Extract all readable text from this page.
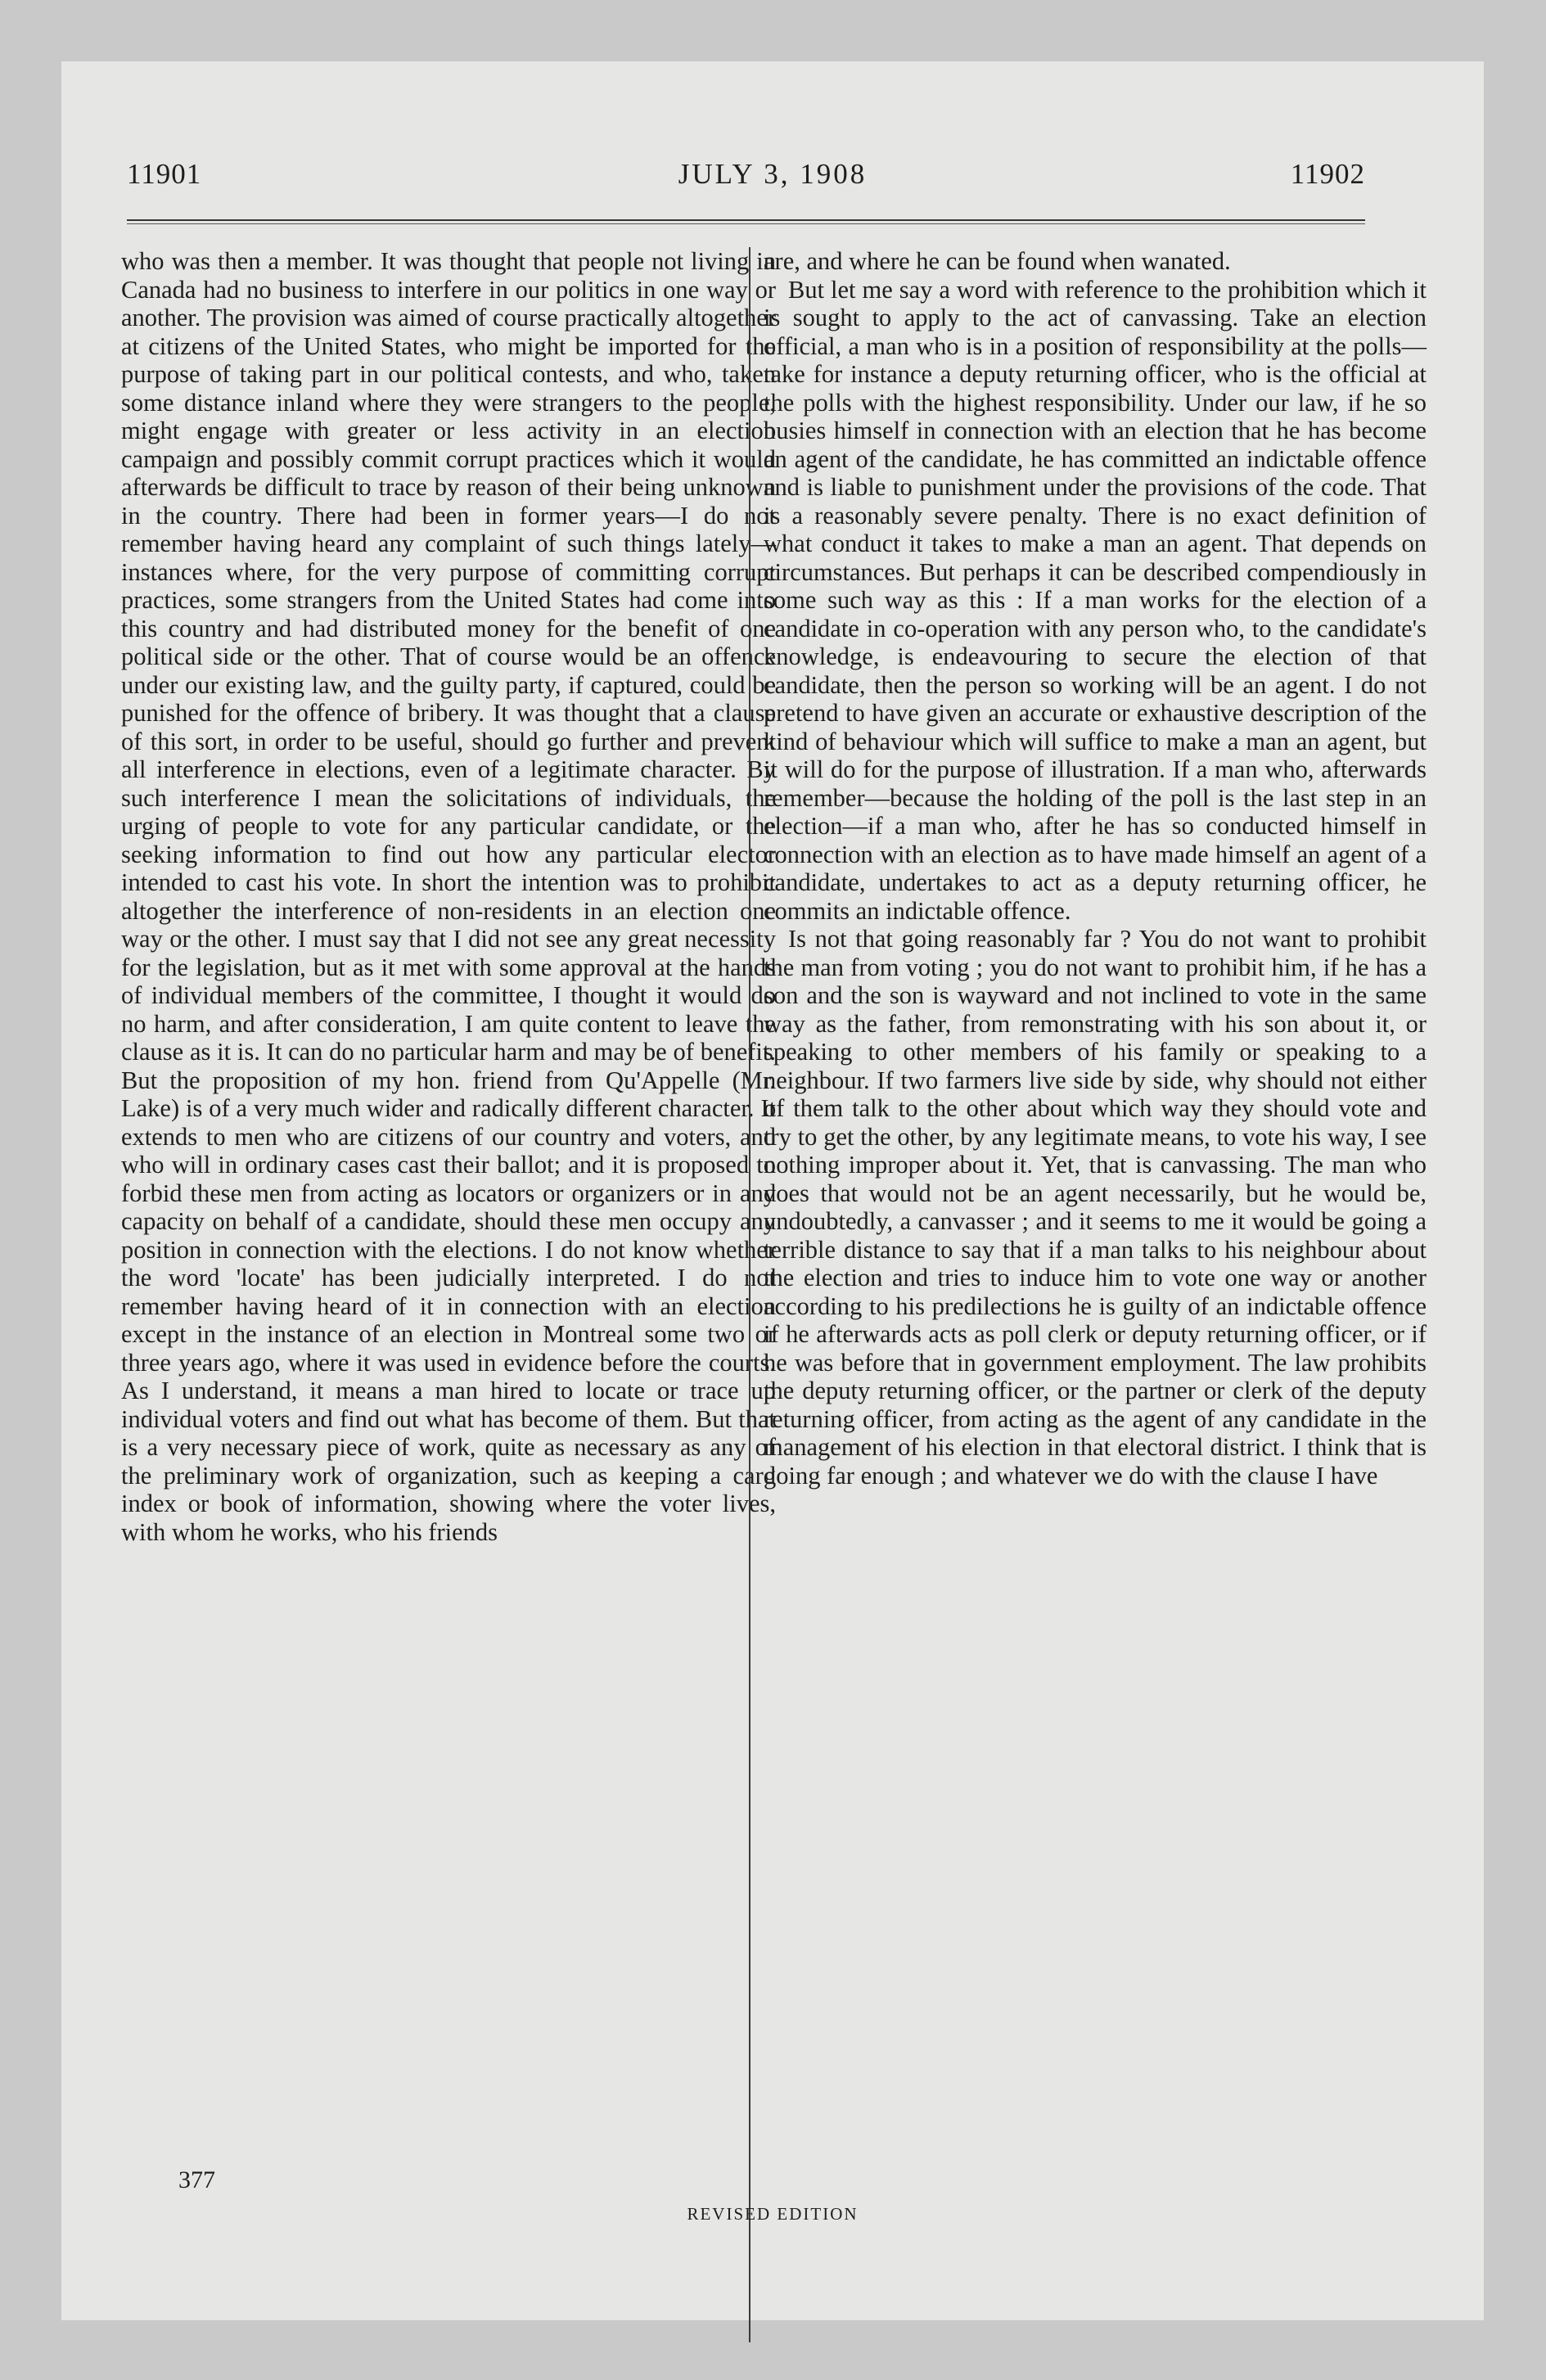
11901	JULY 3, 1908	11902

who was then a member. It was thought that people not living in Canada had no business to interfere in our politics in one way or another. The provision was aimed of course practically altogether at citizens of the United States, who might be imported for the purpose of taking part in our political contests, and who, taken some distance inland where they were strangers to the people, might engage with greater or less activity in an election campaign and possibly commit corrupt practices which it would afterwards be difficult to trace by reason of their being unknown in the country. There had been in former years—I do not remember having heard any complaint of such things lately—instances where, for the very purpose of committing corrupt practices, some strangers from the United States had come into this country and had distributed money for the benefit of one political side or the other. That of course would be an offence under our existing law, and the guilty party, if captured, could be punished for the offence of bribery. It was thought that a clause of this sort, in order to be useful, should go further and prevent all interference in elections, even of a legitimate character. By such interference I mean the solicitations of individuals, the urging of people to vote for any particular candidate, or the seeking information to find out how any particular elector intended to cast his vote. In short the intention was to prohibit altogether the interference of non-residents in an election one way or the other. I must say that I did not see any great necessity for the legislation, but as it met with some approval at the hands of individual members of the committee, I thought it would do no harm, and after consideration, I am quite content to leave the clause as it is. It can do no particular harm and may be of benefit. But the proposition of my hon. friend from Qu'Appelle (Mr. Lake) is of a very much wider and radically different character. It extends to men who are citizens of our country and voters, and who will in ordinary cases cast their ballot; and it is proposed to forbid these men from acting as locators or organizers or in any capacity on behalf of a candidate, should these men occupy any position in connection with the elections. I do not know whether the word 'locate' has been judicially interpreted. I do not remember having heard of it in connection with an election except in the instance of an election in Montreal some two or three years ago, where it was used in evidence before the courts. As I understand, it means a man hired to locate or trace up individual voters and find out what has become of them. But that is a very necessary piece of work, quite as necessary as any of the preliminary work of organization, such as keeping a card index or book of information, showing where the voter lives, with whom he works, who his friends

are, and where he can be found when wanated.

But let me say a word with reference to the prohibition which it is sought to apply to the act of canvassing. Take an election official, a man who is in a position of responsibility at the polls—take for instance a deputy returning officer, who is the official at the polls with the highest responsibility. Under our law, if he so busies himself in connection with an election that he has become an agent of the candidate, he has committed an indictable offence and is liable to punishment under the provisions of the code. That is a reasonably severe penalty. There is no exact definition of what conduct it takes to make a man an agent. That depends on circumstances. But perhaps it can be described compendiously in some such way as this : If a man works for the election of a candidate in co-operation with any person who, to the candidate's knowledge, is endeavouring to secure the election of that candidate, then the person so working will be an agent. I do not pretend to have given an accurate or exhaustive description of the kind of behaviour which will suffice to make a man an agent, but it will do for the purpose of illustration. If a man who, afterwards remember—because the holding of the poll is the last step in an election—if a man who, after he has so conducted himself in connection with an election as to have made himself an agent of a candidate, undertakes to act as a deputy returning officer, he commits an indictable offence.

Is not that going reasonably far ? You do not want to prohibit the man from voting ; you do not want to prohibit him, if he has a son and the son is wayward and not inclined to vote in the same way as the father, from remonstrating with his son about it, or speaking to other members of his family or speaking to a neighbour. If two farmers live side by side, why should not either of them talk to the other about which way they should vote and try to get the other, by any legitimate means, to vote his way, I see nothing improper about it. Yet, that is canvassing. The man who does that would not be an agent necessarily, but he would be, undoubtedly, a canvasser ; and it seems to me it would be going a terrible distance to say that if a man talks to his neighbour about the election and tries to induce him to vote one way or another according to his predilections he is guilty of an indictable offence if he afterwards acts as poll clerk or deputy returning officer, or if he was before that in government employment. The law prohibits the deputy returning officer, or the partner or clerk of the deputy returning officer, from acting as the agent of any candidate in the management of his election in that electoral district. I think that is going far enough ; and whatever we do with the clause I have

377
REVISED EDITION
